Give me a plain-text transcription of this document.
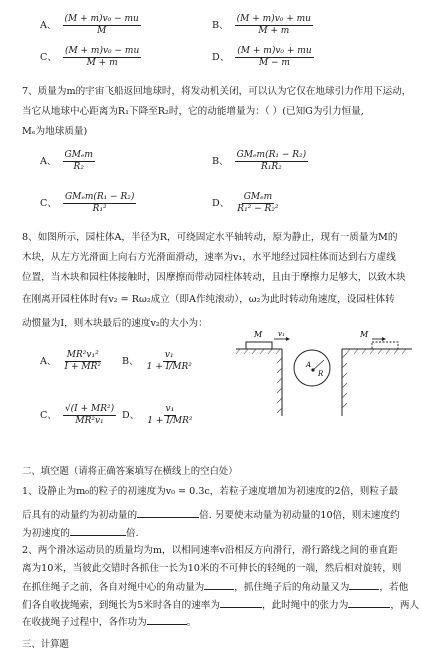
A、 $\frac{\text{(M + m)v₀ − mu}}{M}$	B、 $\frac{\text{(M + m)v₀ + mu}}{M + m}$
C、 $\frac{\text{(M + m)v₀ − mu}}{M + m}$	D、 $\frac{\text{(M + m)v₀ + mu}}{M - m}$
7、质量为m的宇宙飞船返回地球时，将发动机关闭，可以认为它仅在地球引力作用下运动，
当它从地球中心距离为R₁下降至R₂时，它的动能增量为：（ ）(已知G为引力恒量,
Mₑ为地球质量)
A、 $\frac{\text{GMₑm}}{\text{R₂}}$	B、 $\frac{\text{GMₑm(R₁ − R₂)}}{\text{R₁R₂}}$
C、 $\frac{\text{GMₑm(R₁ − R₂)}}{\text{R₁²}}$	D、 $\frac{\text{GMₑm}}{\text{R₁² − R₂²}}$
8、如图所示，园柱体A，半径为R，可绕固定水平轴转动，原为静止，现有一质量为M的
木块，从左方光滑面上向右方光滑面滑动，速率为v₁，水平地经过园柱体而达到右方虚线
位置，当木块和园柱体接触时，因摩擦而带动园柱体转动，且由于摩擦力足够大，以致木块
在刚离开园柱体时有v₂ = Rω₂成立（即A作纯滚动），ω₂为此时转动角速度，设园柱体转
动惯量为I，则木块最后的速度v₂的大小为：
A、 $\frac{\text{MR²v₁²}}{\text{I + MR²}}$ B、 $\frac{\text{v₁}}{\text{1 + I/MR²}}$
C、 $\frac{\text{√(I + MR²)}}{\text{MR²v₁}}$ D、 $\frac{\text{v₁}}{\text{1 + I/MR²}}$
M v₁
A
R
M
二、填空题（请将正确答案填写在横线上的空白处）
1、设静止为m₀的粒子的初速度为v₀ = 0.3c，若粒子速度增加为初速度的2倍，则粒子最
后具有的动量约为初动量的	倍. 另要使末动量为初动量的10倍，则末速度约
为初速度的	倍.
2、两个滑冰运动员的质量均为m，以相同速率v沿相反方向滑行，滑行路线之间的垂直距
离为10米，当彼此交错时各抓住一长为10米的不可伸长的轻绳的一端，然后相对旋转，则
在抓住绳子之前，各自对绳中心的角动量为	，抓住绳子后的角动量又为	，若他
们各自收拢绳索，到绳长为5米时各自的速率为	，此时绳中的张力为	，两人
在收拢绳子过程中，各作功为	。
三、计算题
